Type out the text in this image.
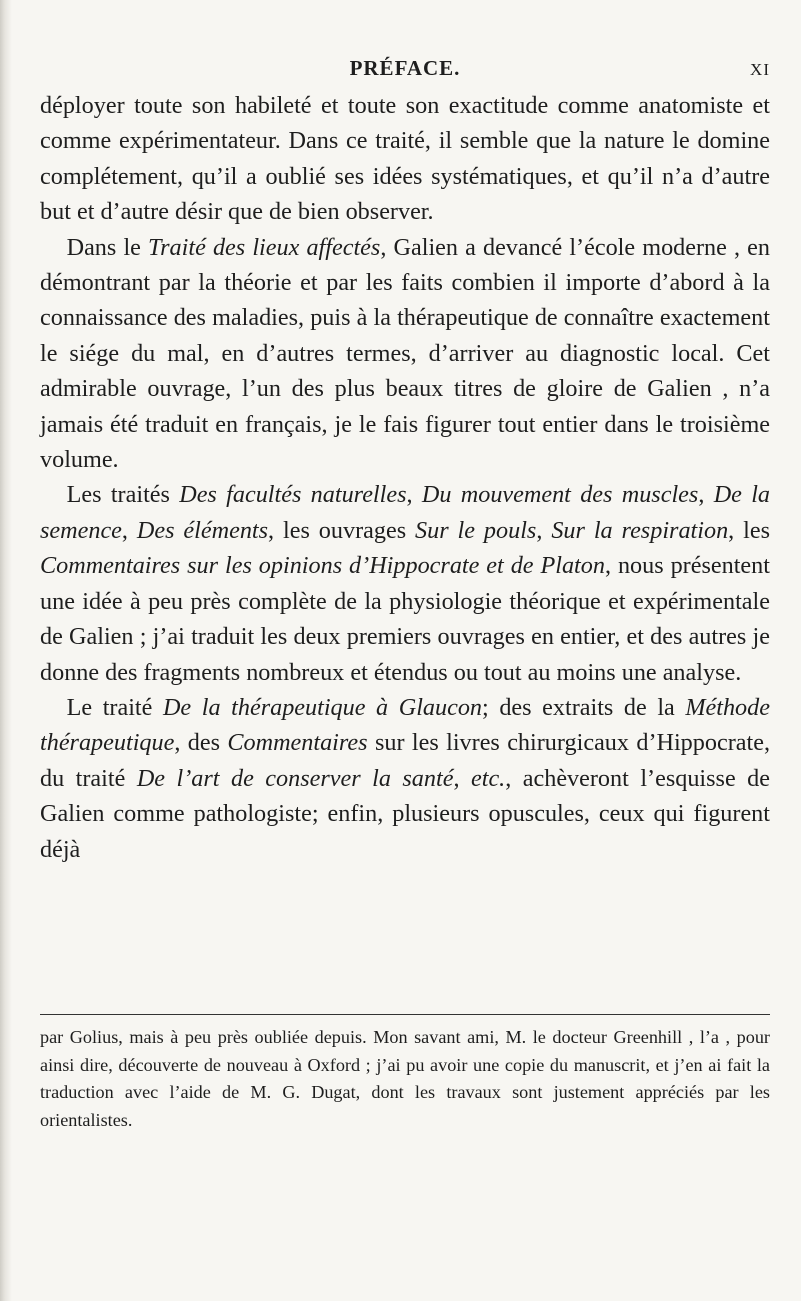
PRÉFACE.	XI

déployer toute son habileté et toute son exactitude comme anatomiste et comme expérimentateur. Dans ce traité, il semble que la nature le domine complétement, qu’il a oublié ses idées systématiques, et qu’il n’a d’autre but et d’autre désir que de bien observer.

Dans le Traité des lieux affectés, Galien a devancé l’école moderne , en démontrant par la théorie et par les faits combien il importe d’abord à la connaissance des maladies, puis à la thérapeutique de connaître exactement le siége du mal, en d’autres termes, d’arriver au diagnostic local. Cet admirable ouvrage, l’un des plus beaux titres de gloire de Galien , n’a jamais été traduit en français, je le fais figurer tout entier dans le troisième volume.

Les traités Des facultés naturelles, Du mouvement des muscles, De la semence, Des éléments, les ouvrages Sur le pouls, Sur la respiration, les Commentaires sur les opinions d’Hippocrate et de Platon, nous présentent une idée à peu près complète de la physiologie théorique et expérimentale de Galien ; j’ai traduit les deux premiers ouvrages en entier, et des autres je donne des fragments nombreux et étendus ou tout au moins une analyse.

Le traité De la thérapeutique à Glaucon; des extraits de la Méthode thérapeutique, des Commentaires sur les livres chirurgicaux d’Hippocrate, du traité De l’art de conserver la santé, etc., achèveront l’esquisse de Galien comme pathologiste; enfin, plusieurs opuscules, ceux qui figurent déjà

par Golius, mais à peu près oubliée depuis. Mon savant ami, M. le docteur Greenhill , l’a , pour ainsi dire, découverte de nouveau à Oxford ; j’ai pu avoir une copie du manuscrit, et j’en ai fait la traduction avec l’aide de M. G. Dugat, dont les travaux sont justement appréciés par les orientalistes.
